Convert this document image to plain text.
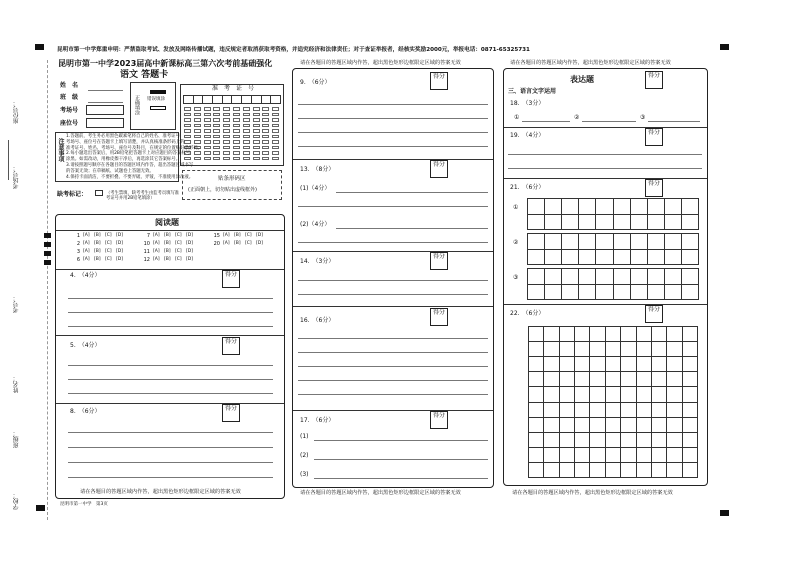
昆明市第一中学郑重申明：严禁盗取考试、发放及网络传播试题，违反规定者取消获取考资格，并追究经济和法律责任；对于查证举报者，经核实奖励2000元，举报电话：0871-65325731
座位号：
考场号：
考号：
姓名：
班级：
学校：
昆明市第一中学2023届高中新课标高三第六次考前基础强化
语文 答题卡
姓　名
班　级
考场号
座位号
正确填涂 错误填涂
准　考　证　号
注意事项
1.答题前，考生务必用黑色碳素笔将自己的姓名、准考证号
考场号、座位号在答题卡上填写清楚，并认真核准条形码上的
准考证号、姓名、考场号、座位号及科目，在规定的位置贴好条形码。
2.每小题选出答案后，用2B铅笔把答题卡上对应题目的答案标号
涂黑。如需改动，用橡皮擦干净后，再选涂其它答案标号。
3.请按照题号顺序在各题目的答题区域内作答，超出答题区域书写
的答案无效；在草稿纸、试题卷上答题无效。
4.保持卡面清洁，不要折叠、不要弄破、弄皱，不准使用涂改液。	贴条形码区
(正面朝上，切勿贴出虚线框外)
缺考标记：	（考生禁填，缺考考生由监考员填写准考证号并用2B铅笔填涂）
阅读题
1 [A] [B] [C] [D]
2 [A] [B] [C] [D]
3 [A] [B] [C] [D]
6 [A] [B] [C] [D]
7 [A] [B] [C] [D]
10 [A] [B] [C] [D]
11 [A] [B] [C] [D]
12 [A] [B] [C] [D]
15 [A] [B] [C] [D]
20 [A] [B] [C] [D]
4.　（4分）	得分
5.　（4分）
得分
8.　（6分）	得分
请在各题目的答题区域内作答，超出黑色矩形边框限定区域的答案无效
请在各题目的答题区域内作答，超出黑色矩形边框限定区域的答案无效
9.　（6分）
得分
13.　（8分）
得分
(1)（4分）
(2)（4分）
14.　（3分）
得分
16.　（6分）
得分
17.　（6分）
得分
(1)
(2)
(3)
请在各题目的答题区域内作答，超出黑色矩形边框限定区域的答案无效
请在各题目的答题区域内作答，超出黑色矩形边框限定区域的答案无效
表达题	得分
三、语言文字运用
18.　（3分）
①	②	③
19.　（4分）	得分
21.　（6分）
得分
①
②
③
22.　（6分）
得分
请在各题目的答题区域内作答，超出黑色矩形边框限定区域的答案无效
昆明市第一中学　第3页
